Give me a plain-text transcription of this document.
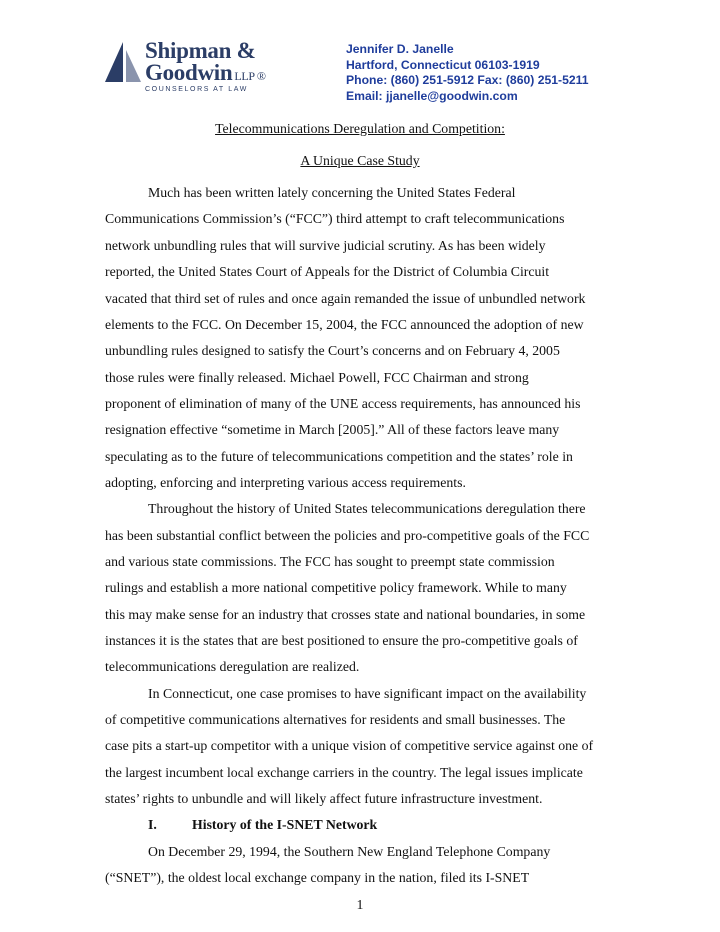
Shipman &
Goodwin LLP ®
COUNSELORS AT LAW
Jennifer D. Janelle
Hartford, Connecticut 06103-1919
Phone: (860) 251-5912 Fax: (860) 251-5211
Email: jjanelle@goodwin.com
Telecommunications Deregulation and Competition:
A Unique Case Study
Much has been written lately concerning the United States Federal
Communications Commission’s (“FCC”) third attempt to craft telecommunications
network unbundling rules that will survive judicial scrutiny. As has been widely
reported, the United States Court of Appeals for the District of Columbia Circuit
vacated that third set of rules and once again remanded the issue of unbundled network
elements to the FCC. On December 15, 2004, the FCC announced the adoption of new
unbundling rules designed to satisfy the Court’s concerns and on February 4, 2005
those rules were finally released. Michael Powell, FCC Chairman and strong
proponent of elimination of many of the UNE access requirements, has announced his
resignation effective “sometime in March [2005].” All of these factors leave many
speculating as to the future of telecommunications competition and the states’ role in
adopting, enforcing and interpreting various access requirements.
Throughout the history of United States telecommunications deregulation there
has been substantial conflict between the policies and pro-competitive goals of the FCC
and various state commissions. The FCC has sought to preempt state commission
rulings and establish a more national competitive policy framework. While to many
this may make sense for an industry that crosses state and national boundaries, in some
instances it is the states that are best positioned to ensure the pro-competitive goals of
telecommunications deregulation are realized.
In Connecticut, one case promises to have significant impact on the availability
of competitive communications alternatives for residents and small businesses. The
case pits a start-up competitor with a unique vision of competitive service against one of
the largest incumbent local exchange carriers in the country. The legal issues implicate
states’ rights to unbundle and will likely affect future infrastructure investment.
I.	History of the I-SNET Network
On December 29, 1994, the Southern New England Telephone Company
(“SNET”), the oldest local exchange company in the nation, filed its I-SNET
1
